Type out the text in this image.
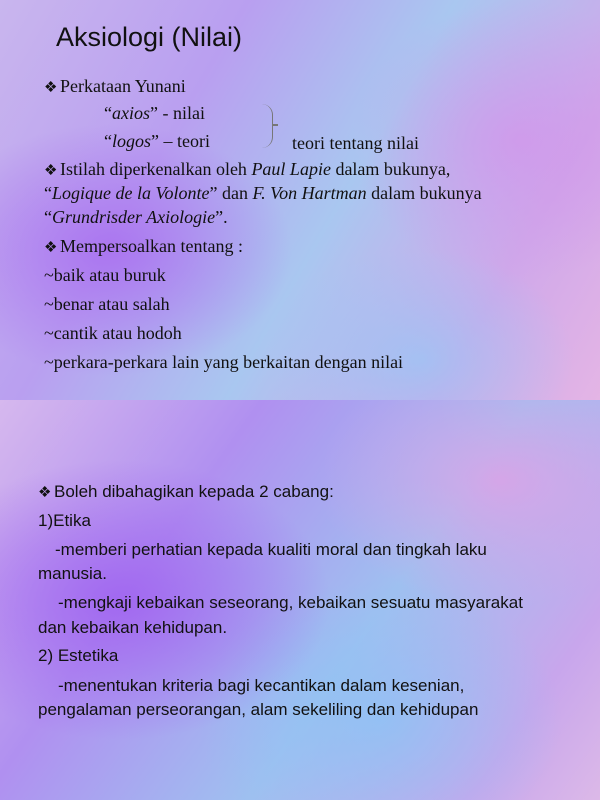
Aksiologi (Nilai)
❖ Perkataan Yunani
“axios” - nilai
“logos” – teori	teori tentang nilai
❖ Istilah diperkenalkan oleh Paul Lapie dalam bukunya,
“Logique de la Volonte” dan F. Von Hartman dalam bukunya
“Grundrisder Axiologie”.
❖ Mempersoalkan tentang :
~baik atau buruk
~benar atau salah
~cantik atau hodoh
~perkara-perkara lain yang berkaitan dengan nilai
❖ Boleh dibahagikan kepada 2 cabang:
1)Etika
-memberi perhatian kepada kualiti moral dan tingkah laku
manusia.
-mengkaji kebaikan seseorang, kebaikan sesuatu masyarakat
dan kebaikan kehidupan.
2) Estetika
-menentukan kriteria bagi kecantikan dalam kesenian,
pengalaman perseorangan, alam sekeliling dan kehidupan
